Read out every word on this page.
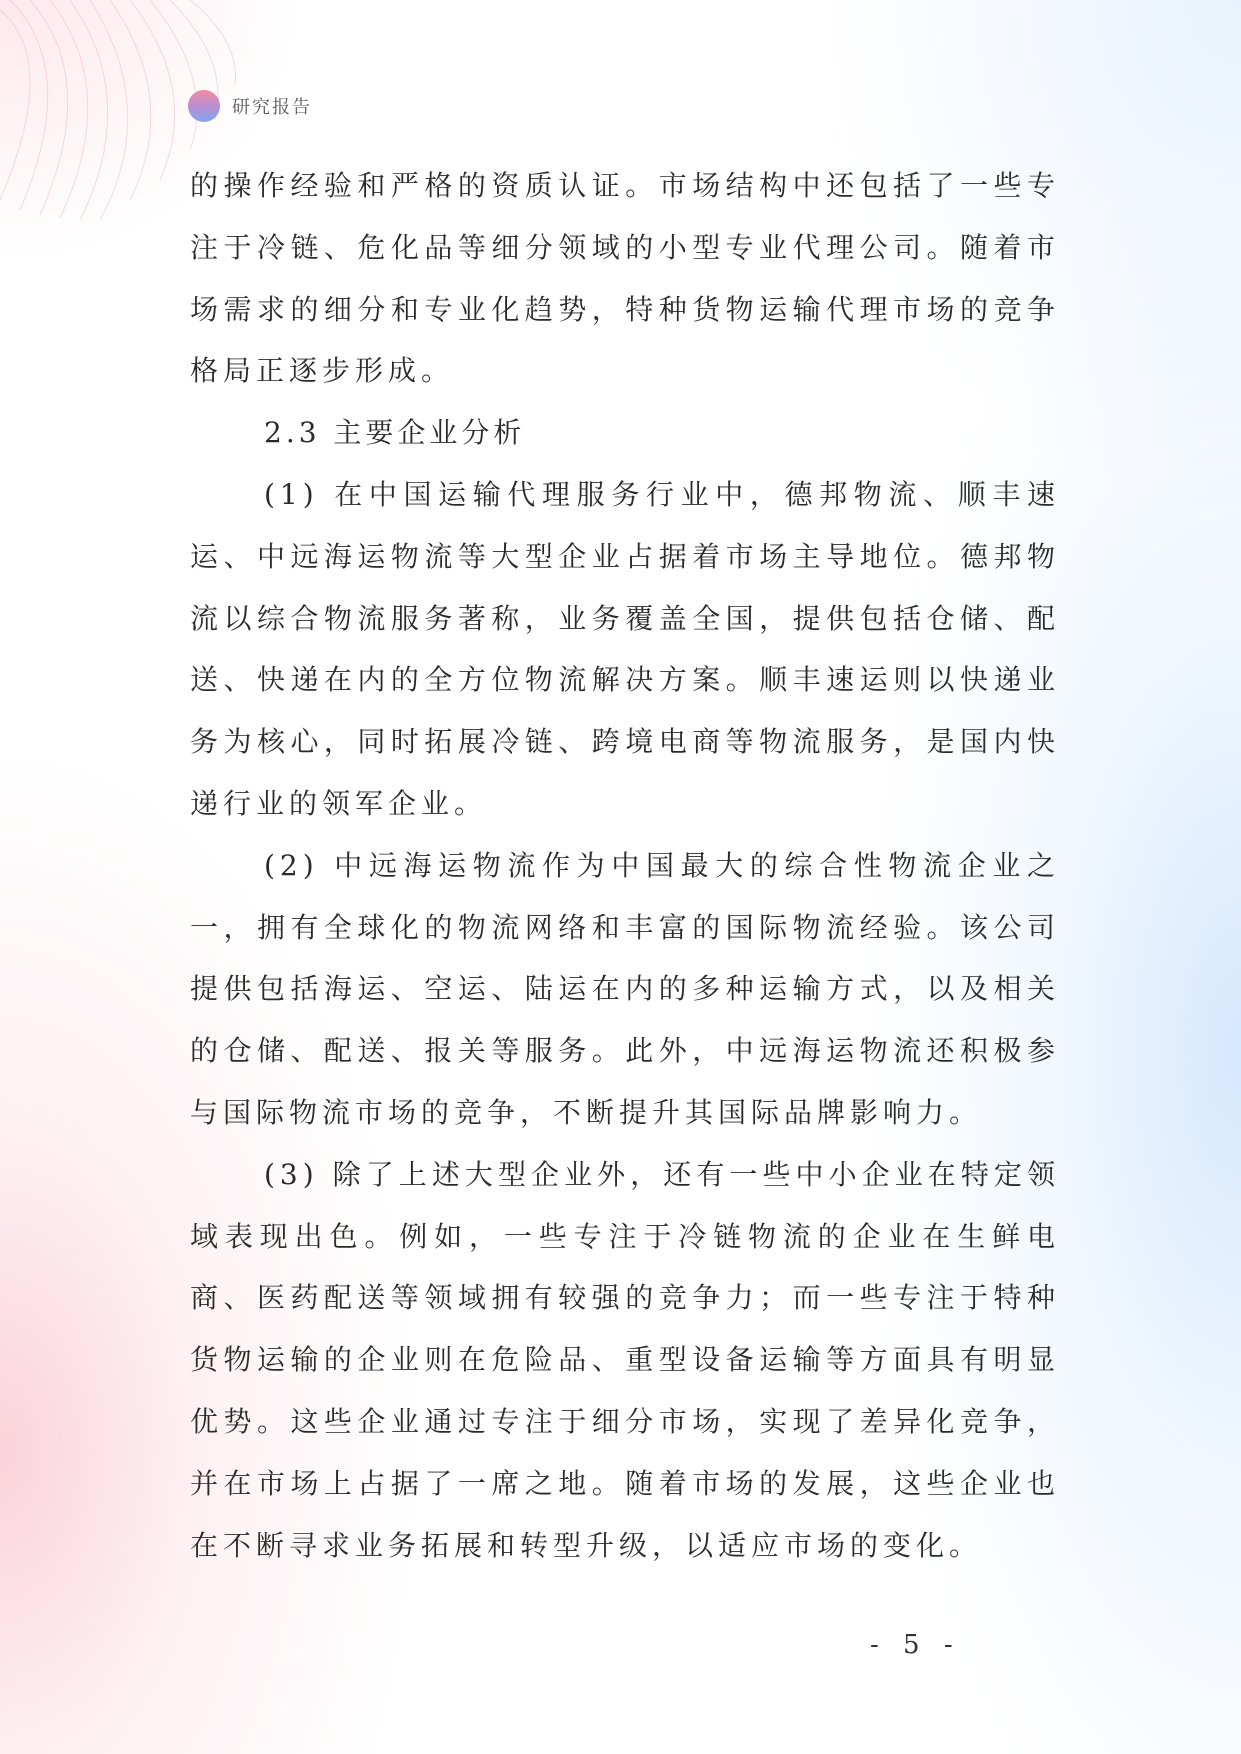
研究报告

的操作经验和严格的资质认证。市场结构中还包括了一些专注于冷链、危化品等细分领域的小型专业代理公司。随着市场需求的细分和专业化趋势，特种货物运输代理市场的竞争格局正逐步形成。

2.3 主要企业分析

(1) 在中国运输代理服务行业中，德邦物流、顺丰速运、中远海运物流等大型企业占据着市场主导地位。德邦物流以综合物流服务著称，业务覆盖全国，提供包括仓储、配送、快递在内的全方位物流解决方案。顺丰速运则以快递业务为核心，同时拓展冷链、跨境电商等物流服务，是国内快递行业的领军企业。

(2) 中远海运物流作为中国最大的综合性物流企业之一，拥有全球化的物流网络和丰富的国际物流经验。该公司提供包括海运、空运、陆运在内的多种运输方式，以及相关的仓储、配送、报关等服务。此外，中远海运物流还积极参与国际物流市场的竞争，不断提升其国际品牌影响力。

(3) 除了上述大型企业外，还有一些中小企业在特定领域表现出色。例如，一些专注于冷链物流的企业在生鲜电商、医药配送等领域拥有较强的竞争力；而一些专注于特种货物运输的企业则在危险品、重型设备运输等方面具有明显优势。这些企业通过专注于细分市场，实现了差异化竞争，并在市场上占据了一席之地。随着市场的发展，这些企业也在不断寻求业务拓展和转型升级，以适应市场的变化。

- 5 -
